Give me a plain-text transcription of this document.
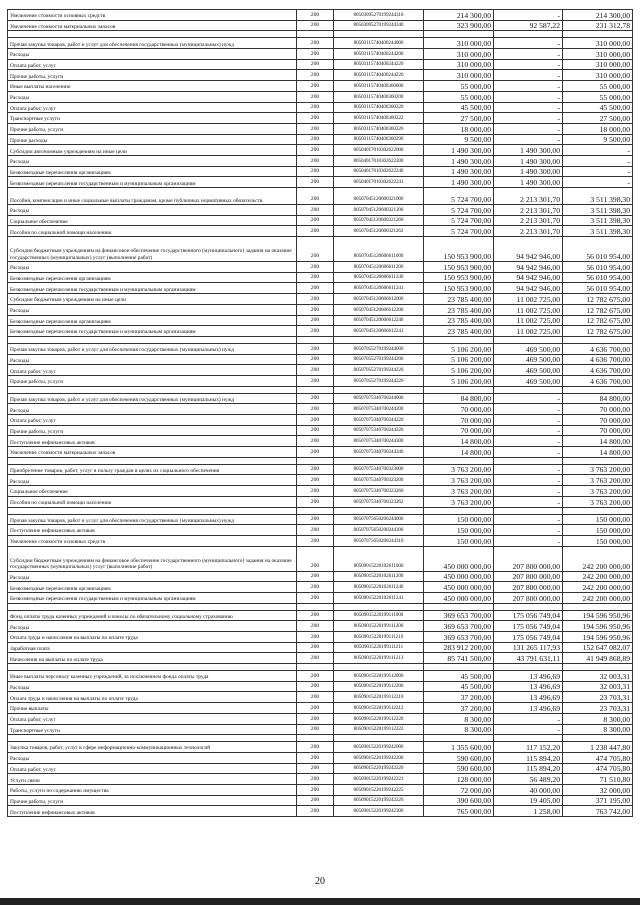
Увеличение стоимости основных средств	200	80503095270199244310	214 300,00	-	214 300,00
Увеличение стоимости материальных запасов	200	80503095270199244340	323 900,00	92 587,22	231 312,78

Прочая закупка товаров, работ и услуг для обеспечения государственных (муниципальных) нужд	200	80503115740400244000	310 000,00	-	310 000,00
Расходы	200	80503115740400244200	310 000,00	-	310 000,00
Оплата работ, услуг	200	80503115740400244220	310 000,00	-	310 000,00
Прочие работы, услуги	200	80503115740400244226	310 000,00	-	310 000,00
Иные выплаты населению	200	80503115740400360000	55 000,00	-	55 000,00
Расходы	200	80503115740400360200	55 000,00	-	55 000,00
Оплата работ, услуг	200	80503115740400360220	45 500,00	-	45 500,00
Транспортные услуги	200	80503115740400360222	27 500,00	-	27 500,00
Прочие работы, услуги	200	80503115740400360226	18 000,00	-	18 000,00
Прочие расходы	200	80503115740400360290	9 500,00	-	9 500,00
Субсидии автономным учреждениям на иные цели	200	80504017010302622000	1 490 300,00	1 490 300,00	-
Расходы	200	80504017010302622200	1 490 300,00	1 490 300,00	-
Безвозмездные перечисления организациям	200	80504017010302622240	1 490 300,00	1 490 300,00	-
Безвозмездные перечисления государственным и муниципальным организациям	200	80504017010302622241	1 490 300,00	1 490 300,00	-
Пособия, компенсации и иные социальные выплаты гражданам, кроме публичных нормативных обязательств	200	80507045120600321000	5 724 700,00	2 213 301,70	3 511 398,30
Расходы	200	80507045120600321200	5 724 700,00	2 213 301,70	3 511 398,30
Социальное обеспечение	200	80507045120600321260	5 724 700,00	2 213 301,70	3 511 398,30
Пособия по социальной помощи населению	200	80507045120600321262	5 724 700,00	2 213 301,70	3 511 398,30
Субсидии бюджетным учреждениям на финансовое обеспечение государственного (муниципального) задания на оказание государственных (муниципальных) услуг (выполнение работ)	200	80507045120606611000	150 953 900,00	94 942 946,00	56 010 954,00
Расходы	200	80507045120606611200	150 953 900,00	94 942 946,00	56 010 954,00
Безвозмездные перечисления организациям	200	80507045120606611240	150 953 900,00	94 942 946,00	56 010 954,00
Безвозмездные перечисления государственным и муниципальным организациям	200	80507045120606611241	150 953 900,00	94 942 946,00	56 010 954,00
Субсидии бюджетным учреждениям на иные цели	200	80507045120606612000	23 785 400,00	11 002 725,00	12 782 675,00
Расходы	200	80507045120606612200	23 785 400,00	11 002 725,00	12 782 675,00
Безвозмездные перечисления организациям	200	80507045120606612240	23 785 400,00	11 002 725,00	12 782 675,00
Безвозмездные перечисления государственным и муниципальным организациям	200	80507045120606612241	23 785 400,00	11 002 725,00	12 782 675,00

Прочая закупка товаров, работ и услуг для обеспечения государственных (муниципальных) нужд	200	80507055270199244000	5 106 200,00	469 500,00	4 636 700,00
Расходы	200	80507055270199244200	5 106 200,00	469 500,00	4 636 700,00
Оплата работ, услуг	200	80507055270199244220	5 106 200,00	469 500,00	4 636 700,00
Прочие работы, услуги	200	80507055270199244226	5 106 200,00	469 500,00	4 636 700,00

Прочая закупка товаров, работ и услуг для обеспечения государственных (муниципальных) нужд	200	80507075340700244000	84 800,00	-	84 800,00
Расходы	200	80507075340700244200	70 000,00	-	70 000,00
Оплата работ, услуг	200	80507075340700244220	70 000,00	-	70 000,00
Прочие работы, услуги	200	80507075340700244226	70 000,00	-	70 000,00
Поступление нефинансовых активов	200	80507075340700244300	14 800,00	-	14 800,00
Увеличение стоимости материальных запасов	200	80507075340700244340	14 800,00	-	14 800,00

Приобретение товаров, работ, услуг в пользу граждан в целях их социального обеспечения	200	80507075340700323000	3 763 200,00	-	3 763 200,00
Расходы	200	80507075340700323200	3 763 200,00	-	3 763 200,00
Социальное обеспечение	200	80507075340700323260	3 763 200,00	-	3 763 200,00
Пособия по социальной помощи населению	200	80507075340700323262	3 763 200,00	-	3 763 200,00

Прочая закупка товаров, работ и услуг для обеспечения государственных (муниципальных) нужд	200	80507075650200244000	150 000,00	-	150 000,00
Поступление нефинансовых активов	200	80507075650200244300	150 000,00	-	150 000,00
Увеличение стоимости основных средств	200	80507075650200244310	150 000,00	-	150 000,00
Субсидии бюджетным учреждениям на финансовое обеспечение государственного (муниципального) задания на оказание государственных (муниципальных) услуг (выполнение работ)	200	80509015220102611000	450 000 000,00	207 800 000,00	242 200 000,00
Расходы	200	80509015220102611200	450 000 000,00	207 800 000,00	242 200 000,00
Безвозмездные перечисления организациям	200	80509015220102611240	450 000 000,00	207 800 000,00	242 200 000,00
Безвозмездные перечисления государственным и муниципальным организациям	200	80509015220102611241	450 000 000,00	207 800 000,00	242 200 000,00

Фонд оплаты труда казенных учреждений и взносы по обязательному социальному страхованию	200	80509015220199111000	369 653 700,00	175 056 749,04	194 596 950,96
Расходы	200	80509015220199111200	369 653 700,00	175 056 749,04	194 596 950,96
Оплата труда и начисления на выплаты по оплате труда	200	80509015220199111210	369 653 700,00	175 056 749,04	194 596 950,96
Заработная плата	200	80509015220199111211	283 912 200,00	131 265 117,93	152 647 082,07
Начисления на выплаты по оплате труда	200	80509015220199111213	85 741 500,00	43 791 631,11	41 949 868,89

Иные выплаты персоналу казенных учреждений, за исключением фонда оплаты труда	200	80509015220199112000	45 500,00	13 496,69	32 003,31
Расходы	200	80509015220199112200	45 500,00	13 496,69	32 003,31
Оплата труда и начисления на выплаты по оплате труда	200	80509015220199112210	37 200,00	13 496,69	23 703,31
Прочие выплаты	200	80509015220199112212	37 200,00	13 496,69	23 703,31
Оплата работ, услуг	200	80509015220199112220	8 300,00	-	8 300,00
Транспортные услуги	200	80509015220199112222	8 300,00	-	8 300,00

Закупка товаров, работ, услуг в сфере информационно-коммуникационных технологий	200	80509015220199242000	1 355 600,00	117 152,20	1 238 447,80
Расходы	200	80509015220199242200	590 600,00	115 894,20	474 705,80
Оплата работ, услуг	200	80509015220199242220	590 600,00	115 894,20	474 705,80
Услуги связи	200	80509015220199242221	128 000,00	56 489,20	71 510,80
Работы, услуги по содержанию имущества	200	80509015220199242225	72 000,00	40 000,00	32 000,00
Прочие работы, услуги	200	80509015220199242226	390 600,00	19 405,00	371 195,00
Поступление нефинансовых активов	200	80509015220199242300	765 000,00	1 258,00	763 742,00
20
